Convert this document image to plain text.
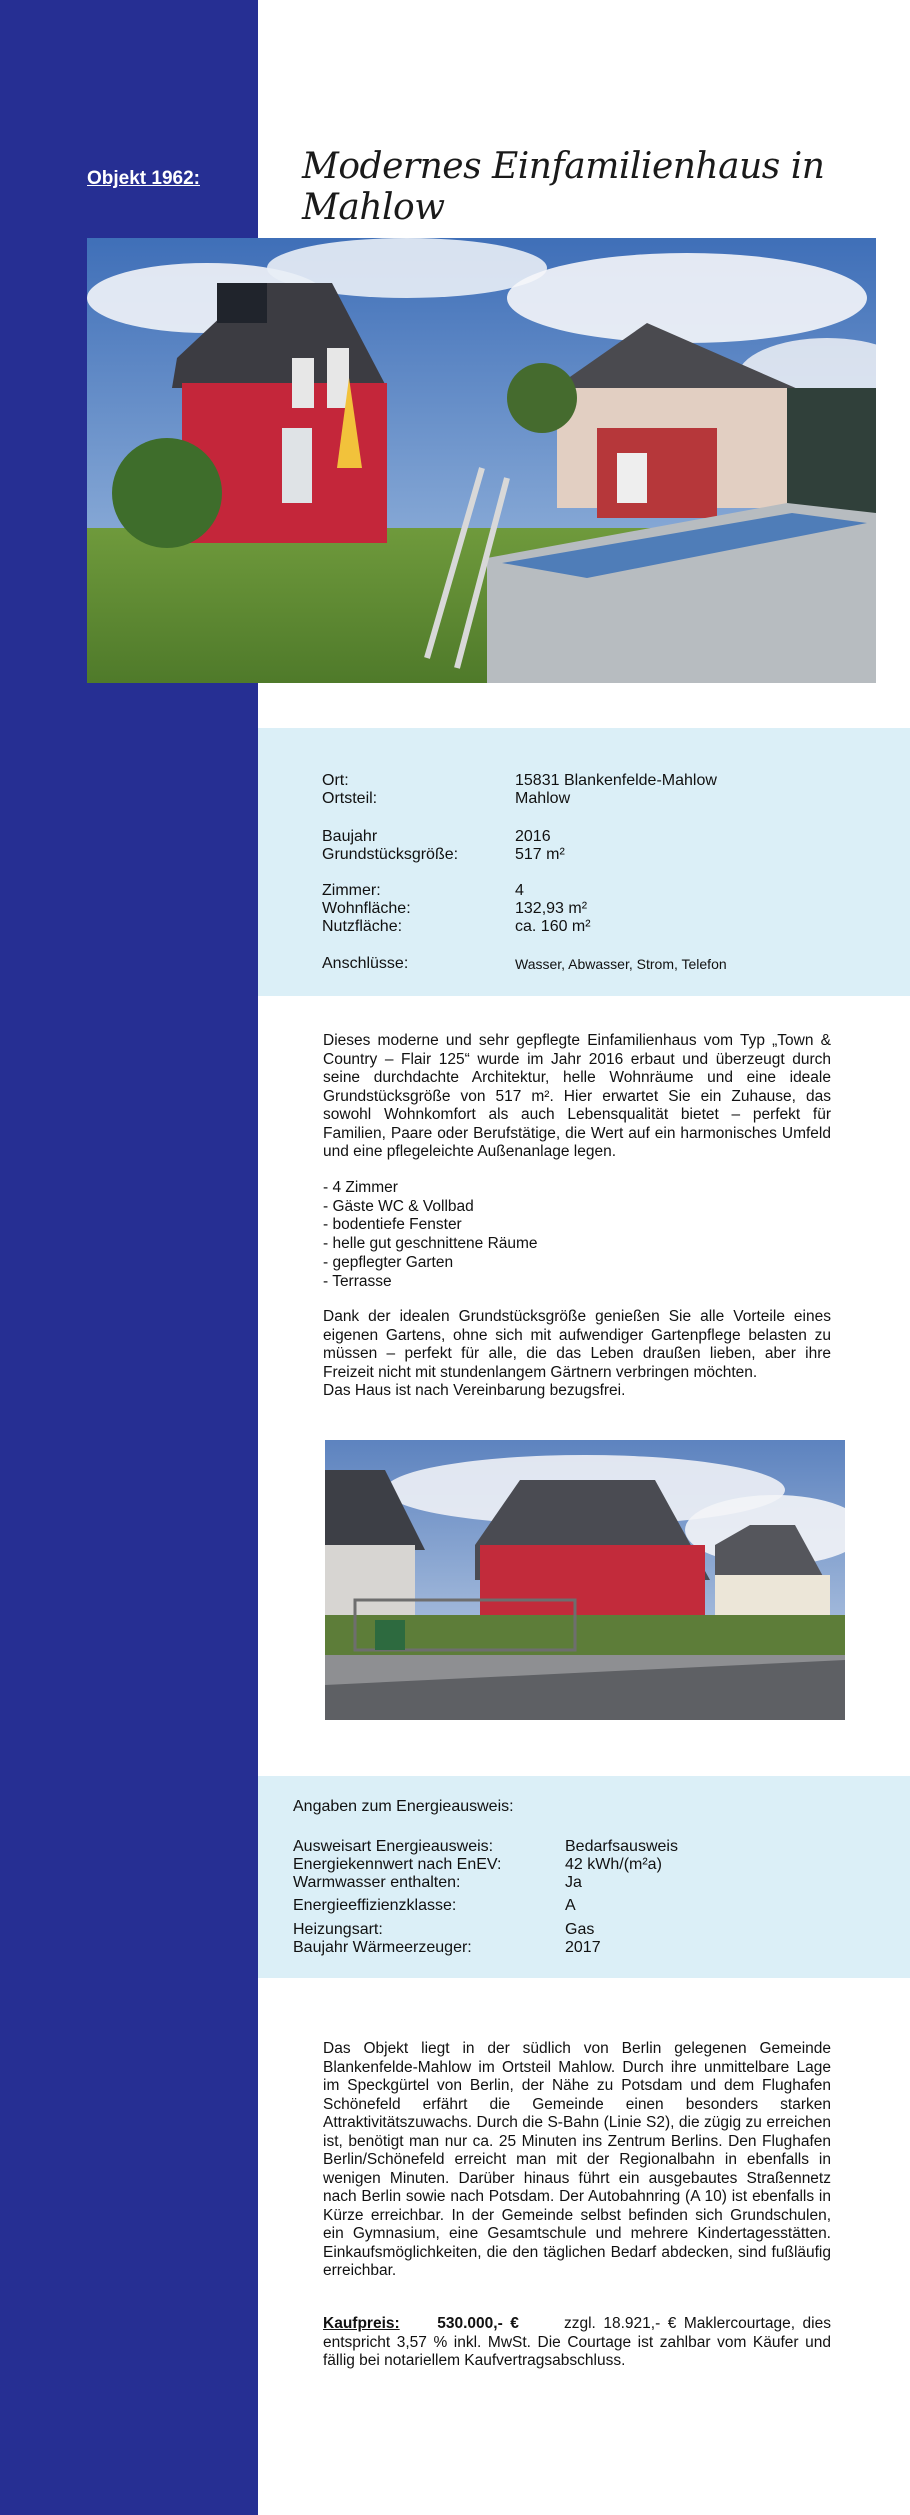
Objekt 1962:	Modernes Einfamilienhaus in Mahlow
Ort:	15831 Blankenfelde-Mahlow
Ortsteil:	Mahlow
Baujahr	2016
Grundstücksgröße:	517 m²
Zimmer:	4
Wohnfläche:	132,93 m²
Nutzfläche:	ca. 160 m²
Anschlüsse:	Wasser, Abwasser, Strom, Telefon
Dieses moderne und sehr gepflegte Einfamilienhaus vom Typ „Town & Country – Flair 125“ wurde im Jahr 2016 erbaut und überzeugt durch seine durchdachte Architektur, helle Wohnräume und eine ideale Grundstücksgröße von 517 m². Hier erwartet Sie ein Zuhause, das sowohl Wohnkomfort als auch Lebensqualität bietet – perfekt für Familien, Paare oder Berufstätige, die Wert auf ein harmonisches Umfeld und eine pflegeleichte Außenanlage legen.
- 4 Zimmer
- Gäste WC & Vollbad
- bodentiefe Fenster
- helle gut geschnittene Räume
- gepflegter Garten
- Terrasse
Dank der idealen Grundstücksgröße genießen Sie alle Vorteile eines eigenen Gartens, ohne sich mit aufwendiger Gartenpflege belasten zu müssen – perfekt für alle, die das Leben draußen lieben, aber ihre Freizeit nicht mit stundenlangem Gärtnern verbringen möchten.

Das Haus ist nach Vereinbarung bezugsfrei.
Angaben zum Energieausweis:
Ausweisart Energieausweis:	Bedarfsausweis
Energiekennwert nach EnEV:	42 kWh/(m²a)
Warmwasser enthalten:	Ja
Energieeffizienzklasse:	A
Heizungsart:	Gas
Baujahr Wärmeerzeuger:	2017
Das Objekt liegt in der südlich von Berlin gelegenen Gemeinde Blankenfelde-Mahlow im Ortsteil Mahlow. Durch ihre unmittelbare Lage im Speckgürtel von Berlin, der Nähe zu Potsdam und dem Flughafen Schönefeld erfährt die Gemeinde einen besonders starken Attraktivitätszuwachs. Durch die S-Bahn (Linie S2), die zügig zu erreichen ist, benötigt man nur ca. 25 Minuten ins Zentrum Berlins. Den Flughafen Berlin/Schönefeld erreicht man mit der Regionalbahn in ebenfalls in wenigen Minuten. Darüber hinaus führt ein ausgebautes Straßennetz nach Berlin sowie nach Potsdam. Der Autobahnring (A 10) ist ebenfalls in Kürze erreichbar. In der Gemeinde selbst befinden sich Grundschulen, ein Gymnasium, eine Gesamtschule und mehrere Kindertagesstätten. Einkaufsmöglichkeiten, die den täglichen Bedarf abdecken, sind fußläufig erreichbar.
Kaufpreis: 530.000,- €	zzgl. 18.921,- € Maklercourtage, dies entspricht 3,57 % inkl. MwSt. Die Courtage ist zahlbar vom Käufer und fällig bei notariellem Kaufvertragsabschluss.
